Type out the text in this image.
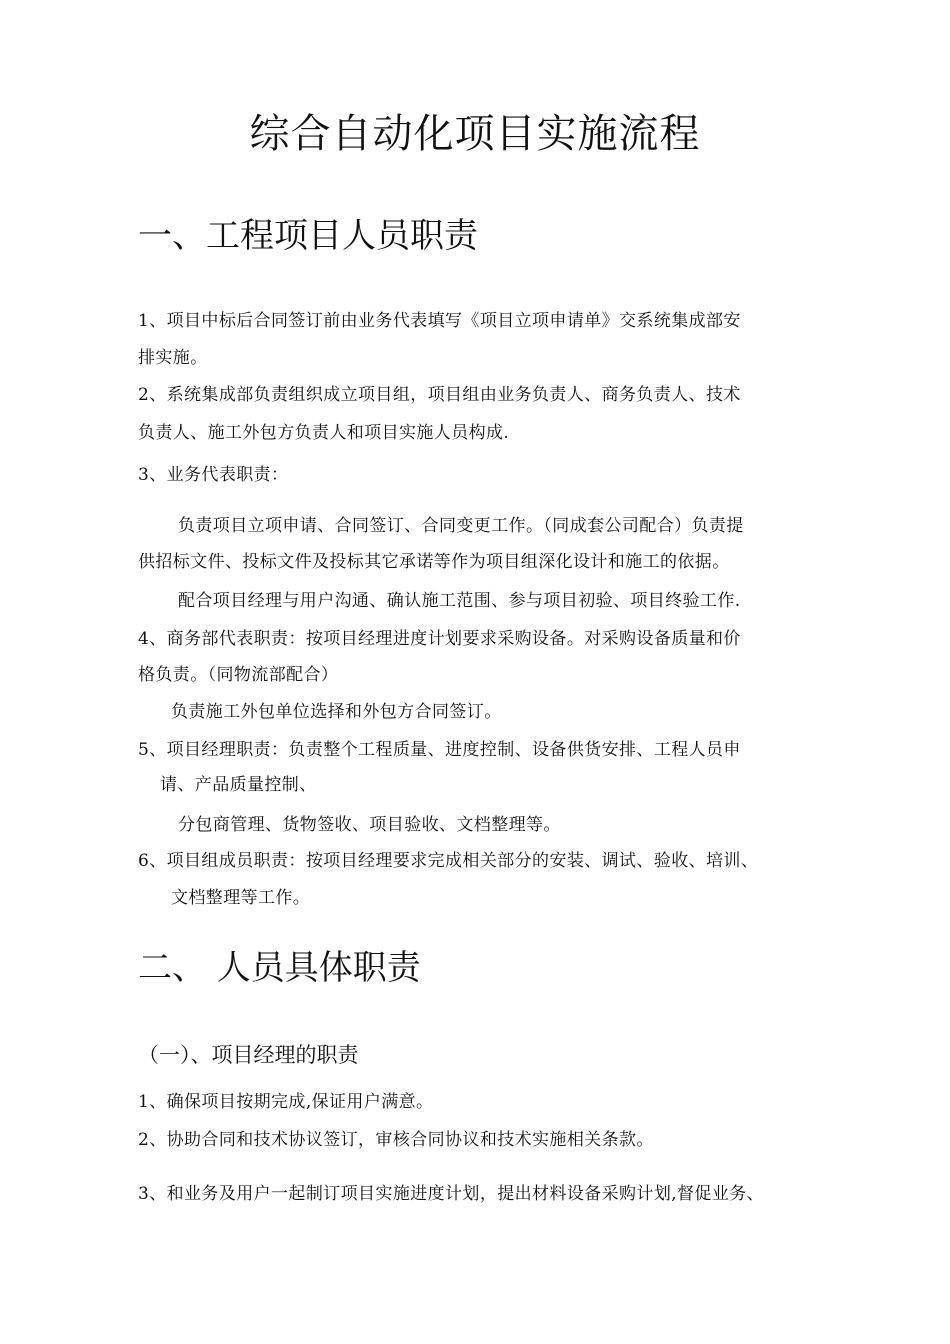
综合自动化项目实施流程
一、工程项目人员职责

1、项目中标后合同签订前由业务代表填写《项目立项申请单》交系统集成部安

排实施。

2、系统集成部负责组织成立项目组，项目组由业务负责人、商务负责人、技术

负责人、施工外包方负责人和项目实施人员构成.

3、业务代表职责：

负责项目立项申请、合同签订、合同变更工作。（同成套公司配合）负责提

供招标文件、投标文件及投标其它承诺等作为项目组深化设计和施工的依据。

配合项目经理与用户沟通、确认施工范围、参与项目初验、项目终验工作.

4、商务部代表职责：按项目经理进度计划要求采购设备。对采购设备质量和价

格负责。（同物流部配合）

负责施工外包单位选择和外包方合同签订。

5、项目经理职责：负责整个工程质量、进度控制、设备供货安排、工程人员申

请、产品质量控制、

分包商管理、货物签收、项目验收、文档整理等。

6、项目组成员职责：按项目经理要求完成相关部分的安装、调试、验收、培训、

文档整理等工作。

二、 人员具体职责
（一）、项目经理的职责

1、确保项目按期完成,保证用户满意。

2、协助合同和技术协议签订，审核合同协议和技术实施相关条款。

3、和业务及用户一起制订项目实施进度计划，提出材料设备采购计划,督促业务、
